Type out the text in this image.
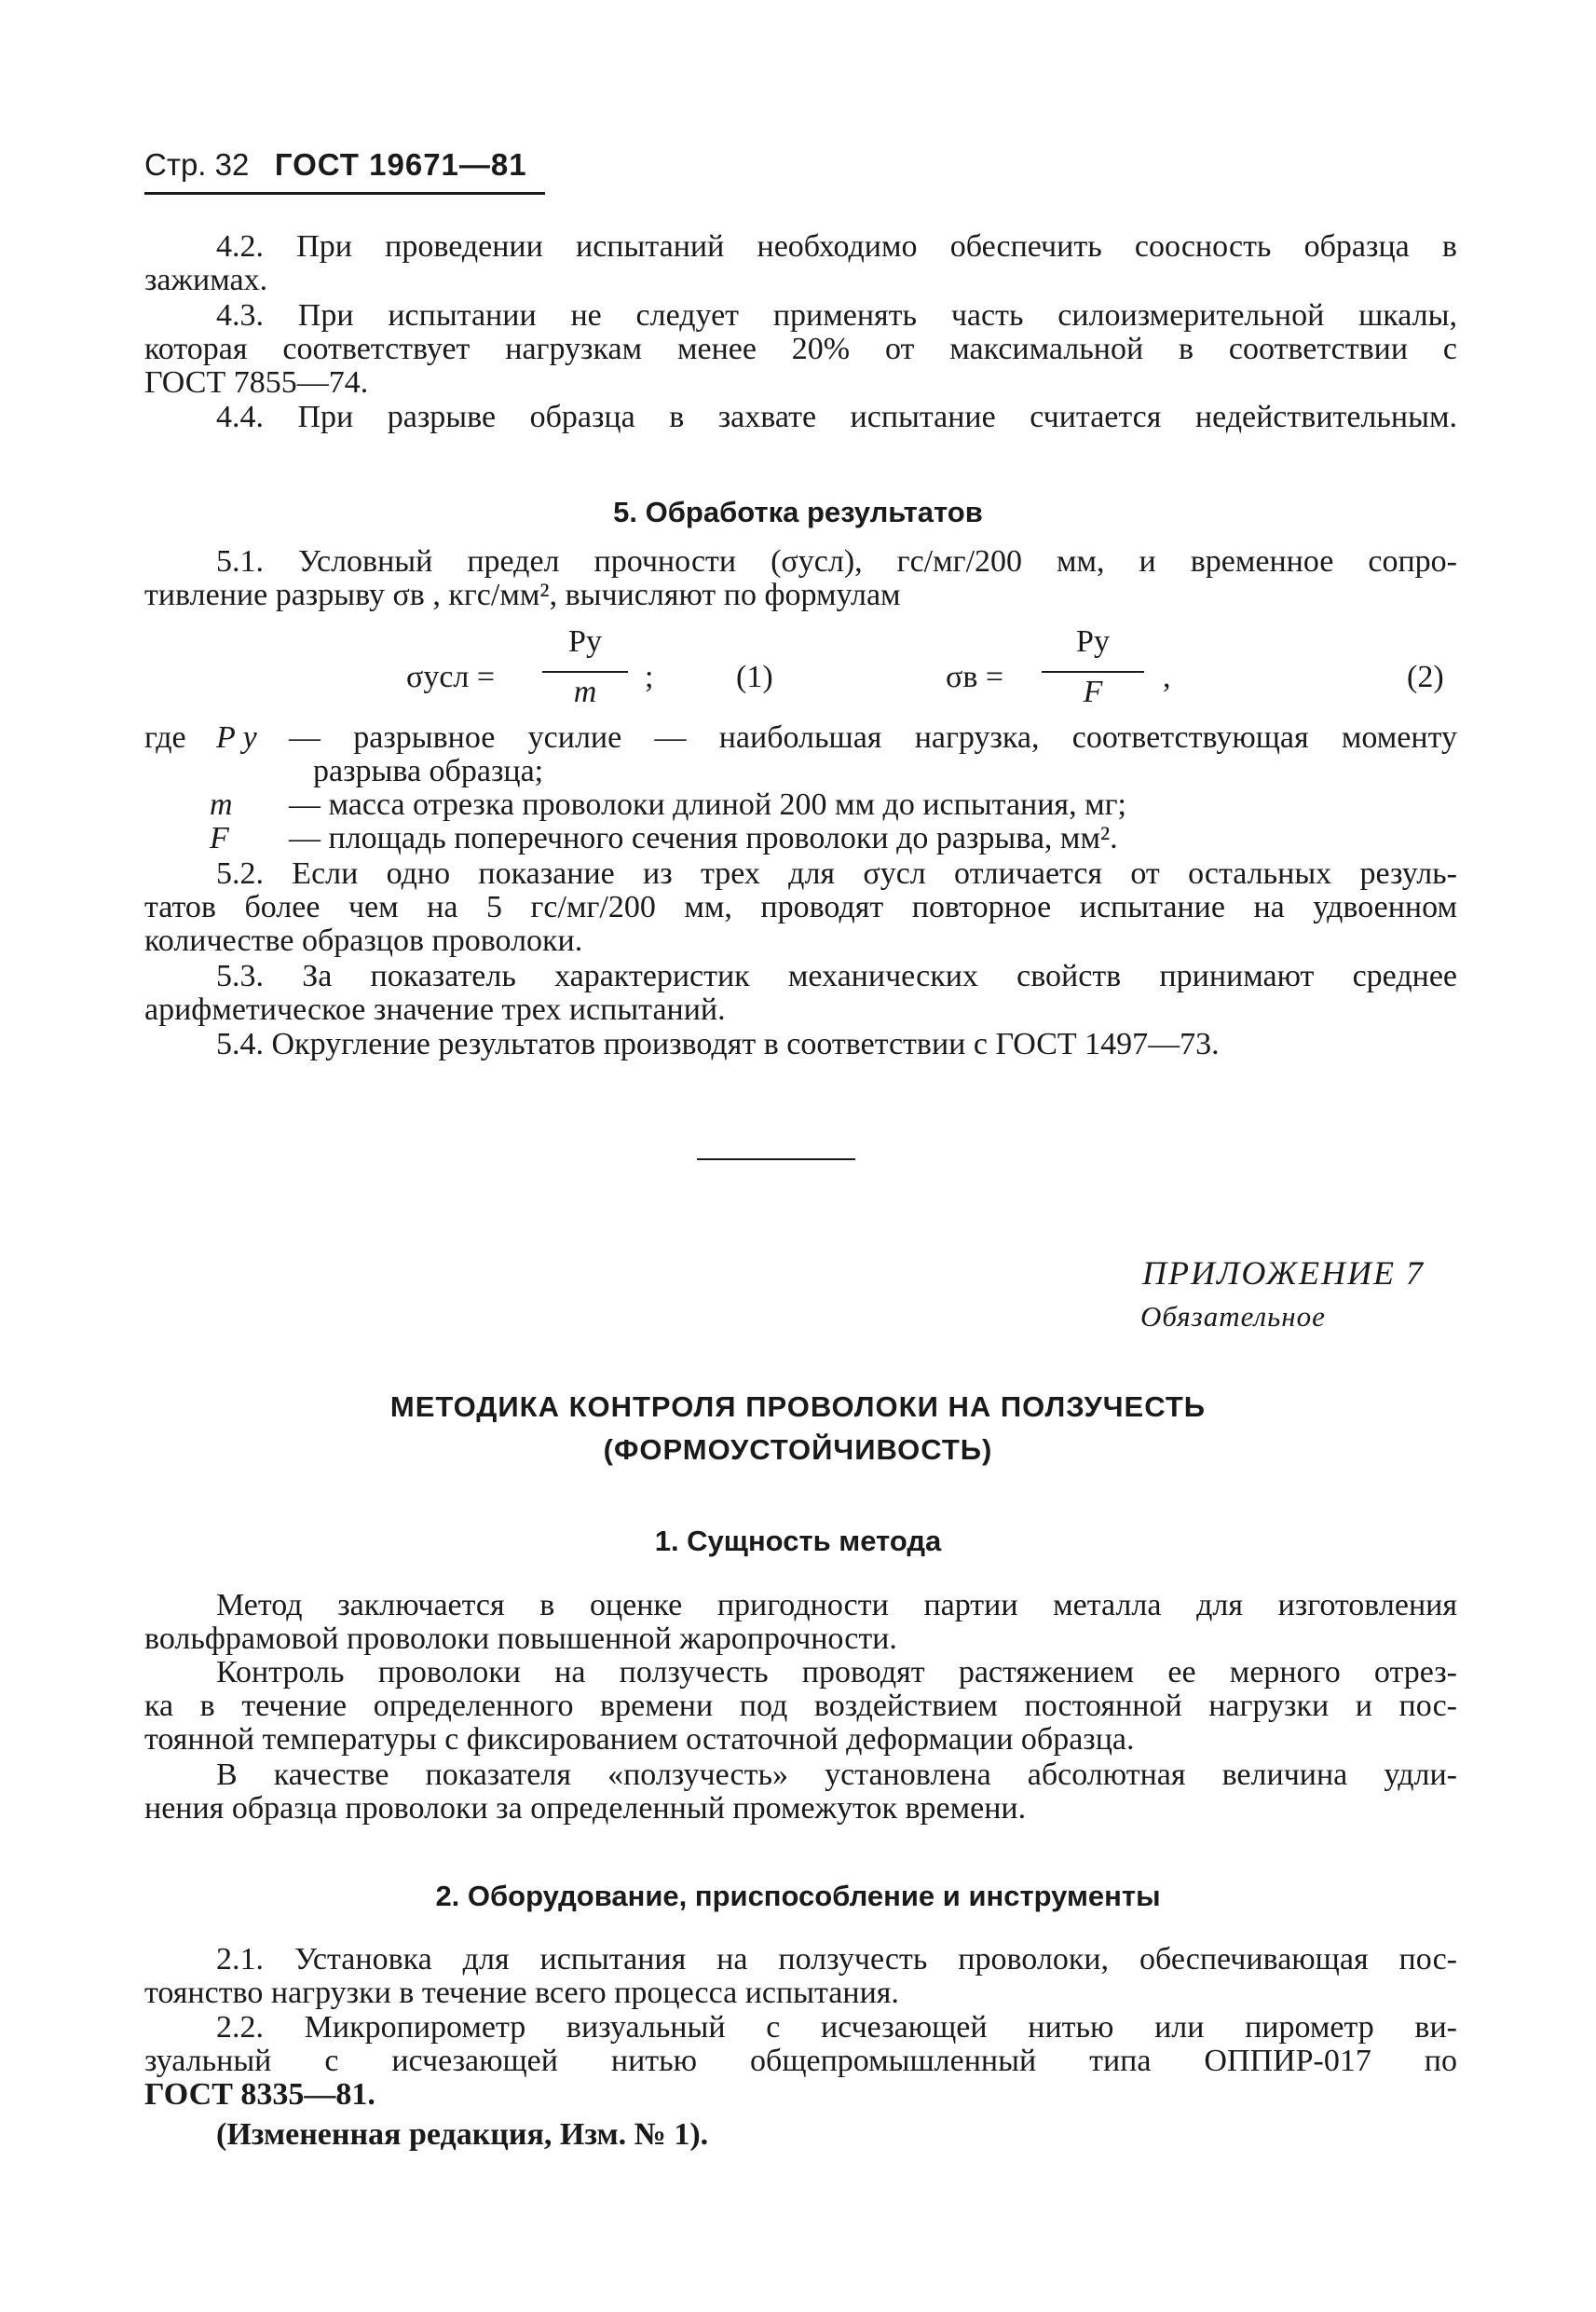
Стр. 32 ГОСТ 19671—81
4.2. При проведении испытаний необходимо обеспечить соосность образца в
зажимах.
4.3. При испытании не следует применять часть силоизмерительной шкалы,
которая соответствует нагрузкам менее 20% от максимальной в соответствии с
ГОСТ 7855—74.
4.4. При разрыве образца в захвате испытание считается недействительным.
5. Обработка результатов
5.1. Условный предел прочности (σусл), гс/мг/200 мм, и временное сопро-
тивление разрыву σв , кгс/мм², вычисляют по формулам
σусл =
Pу
m	;	(1)	σв =
Pу
F	,	(2)
где P у — разрывное усилие — наибольшая нагрузка, соответствующая моменту
разрыва образца;
m — масса отрезка проволоки длиной 200 мм до испытания, мг;
F — площадь поперечного сечения проволоки до разрыва, мм².
5.2. Если одно показание из трех для σусл отличается от остальных резуль-
татов более чем на 5 гс/мг/200 мм, проводят повторное испытание на удвоенном
количестве образцов проволоки.
5.3. За показатель характеристик механических свойств принимают среднее
арифметическое значение трех испытаний.
5.4. Округление результатов производят в соответствии с ГОСТ 1497—73.
ПРИЛОЖЕНИЕ 7
Обязательное
МЕТОДИКА КОНТРОЛЯ ПРОВОЛОКИ НА ПОЛЗУЧЕСТЬ
(ФОРМОУСТОЙЧИВОСТЬ)
1. Сущность метода
Метод заключается в оценке пригодности партии металла для изготовления
вольфрамовой проволоки повышенной жаропрочности.
Контроль проволоки на ползучесть проводят растяжением ее мерного отрез-
ка в течение определенного времени под воздействием постоянной нагрузки и пос-
тоянной температуры с фиксированием остаточной деформации образца.
В качестве показателя «ползучесть» установлена абсолютная величина удли-
нения образца проволоки за определенный промежуток времени.
2. Оборудование, приспособление и инструменты
2.1. Установка для испытания на ползучесть проволоки, обеспечивающая пос-
тоянство нагрузки в течение всего процесса испытания.
2.2. Микропирометр визуальный с исчезающей нитью или пирометр ви-
зуальный с исчезающей нитью общепромышленный типа ОППИР-017 по
ГОСТ 8335—81.
(Измененная редакция, Изм. № 1).
